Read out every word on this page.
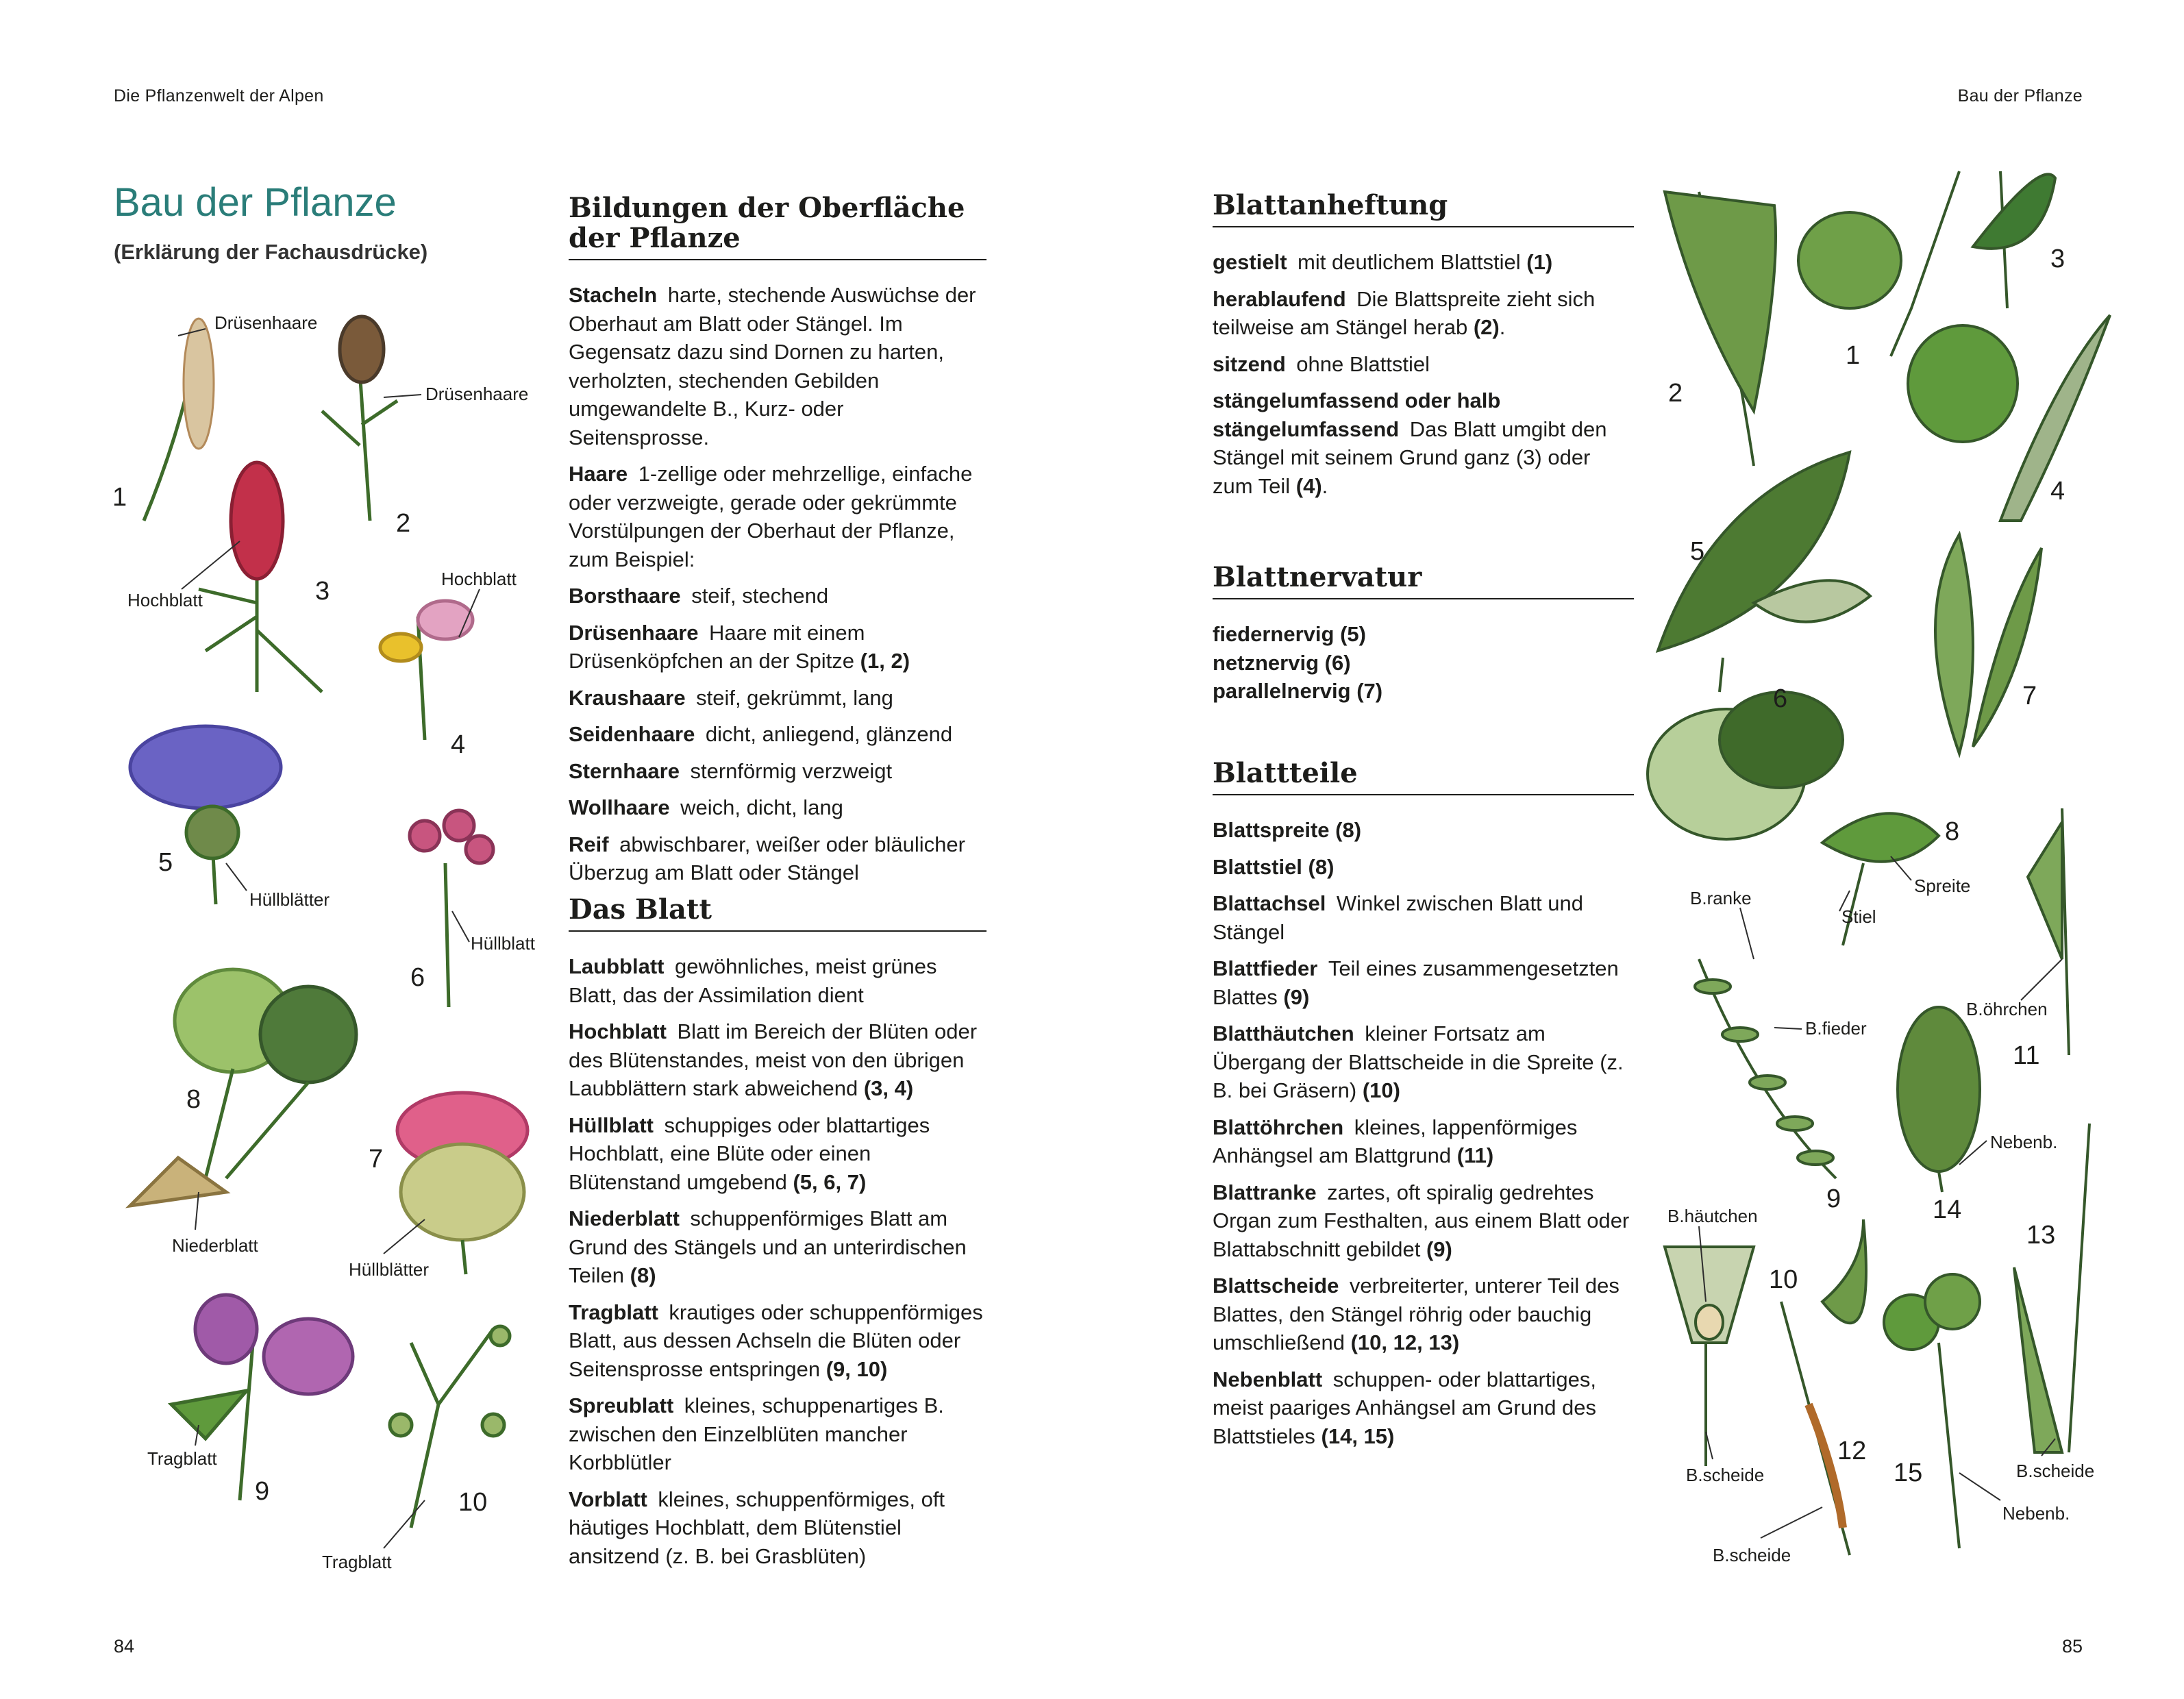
Die Pflanzenwelt der Alpen	Bau der Pflanze
Bau der Pflanze
(Erklärung der Fachausdrücke)
Drüsenhaare
Drüsenhaare
Hochblatt
Hochblatt
Hüllblätter
Hüllblatt
Niederblatt
Hüllblätter
Tragblatt
Tragblatt
1
2
3
4
5
6
7
8
9	10
Spreite
B.ranke
Stiel
B.fieder
B.öhrchen
Nebenb.
B.häutchen
B.scheide	B.scheide
Nebenb.
B.scheide
1
2
3
4
5
6	7
8
9
10
11
12
13
14
15
Bildungen der Oberfläche der Pflanze
Stacheln  harte, stechende Auswüchse der Oberhaut am Blatt oder Stängel. Im Gegensatz dazu sind Dornen zu harten, verholzten, stechenden Gebilden umgewandelte B., Kurz- oder Seitensprosse.
Haare  1-zellige oder mehrzellige, einfache oder verzweigte, gerade oder gekrümmte Vorstülpungen der Oberhaut der Pflanze, zum Beispiel:
Borsthaare  steif, stechend
Drüsenhaare  Haare mit einem Drüsenköpfchen an der Spitze (1, 2)
Kraushaare  steif, gekrümmt, lang
Seidenhaare  dicht, anliegend, glänzend
Sternhaare  sternförmig verzweigt
Wollhaare  weich, dicht, lang
Reif  abwischbarer, weißer oder bläulicher Überzug am Blatt oder Stängel
Das Blatt
Laubblatt  gewöhnliches, meist grünes Blatt, das der Assimilation dient
Hochblatt  Blatt im Bereich der Blüten oder des Blütenstandes, meist von den übrigen Laubblättern stark abweichend (3, 4)
Hüllblatt  schuppiges oder blattartiges Hochblatt, eine Blüte oder einen Blütenstand umgebend (5, 6, 7)
Niederblatt  schuppenförmiges Blatt am Grund des Stängels und an unterirdischen Teilen (8)
Tragblatt  krautiges oder schuppenförmiges Blatt, aus dessen Achseln die Blüten oder Seitensprosse entspringen (9, 10)
Spreublatt  kleines, schuppenartiges B. zwischen den Einzelblüten mancher Korbblütler
Vorblatt  kleines, schuppenförmiges, oft häutiges Hochblatt, dem Blütenstiel ansitzend (z. B. bei Grasblüten)
Blattanheftung
gestielt  mit deutlichem Blattstiel (1)
herablaufend  Die Blattspreite zieht sich teilweise am Stängel herab (2).
sitzend  ohne Blattstiel
stängelumfassend oder halb stängelumfassend  Das Blatt umgibt den Stängel mit seinem Grund ganz (3) oder zum Teil (4).
Blattnervatur
fiedernervig (5)
netznervig (6)
parallelnervig (7)
Blattteile
Blattspreite (8)
Blattstiel (8)
Blattachsel  Winkel zwischen Blatt und Stängel
Blattfieder  Teil eines zusammengesetzten Blattes (9)
Blatthäutchen  kleiner Fortsatz am Übergang der Blattscheide in die Spreite (z. B. bei Gräsern) (10)
Blattöhrchen  kleines, lappenförmiges Anhängsel am Blattgrund (11)
Blattranke  zartes, oft spiralig gedrehtes Organ zum Festhalten, aus einem Blatt oder Blattabschnitt gebildet (9)
Blattscheide  verbreiterter, unterer Teil des Blattes, den Stängel röhrig oder bauchig umschließend (10, 12, 13)
Nebenblatt  schuppen- oder blattartiges, meist paariges Anhängsel am Grund des Blattstieles (14, 15)
84	85
